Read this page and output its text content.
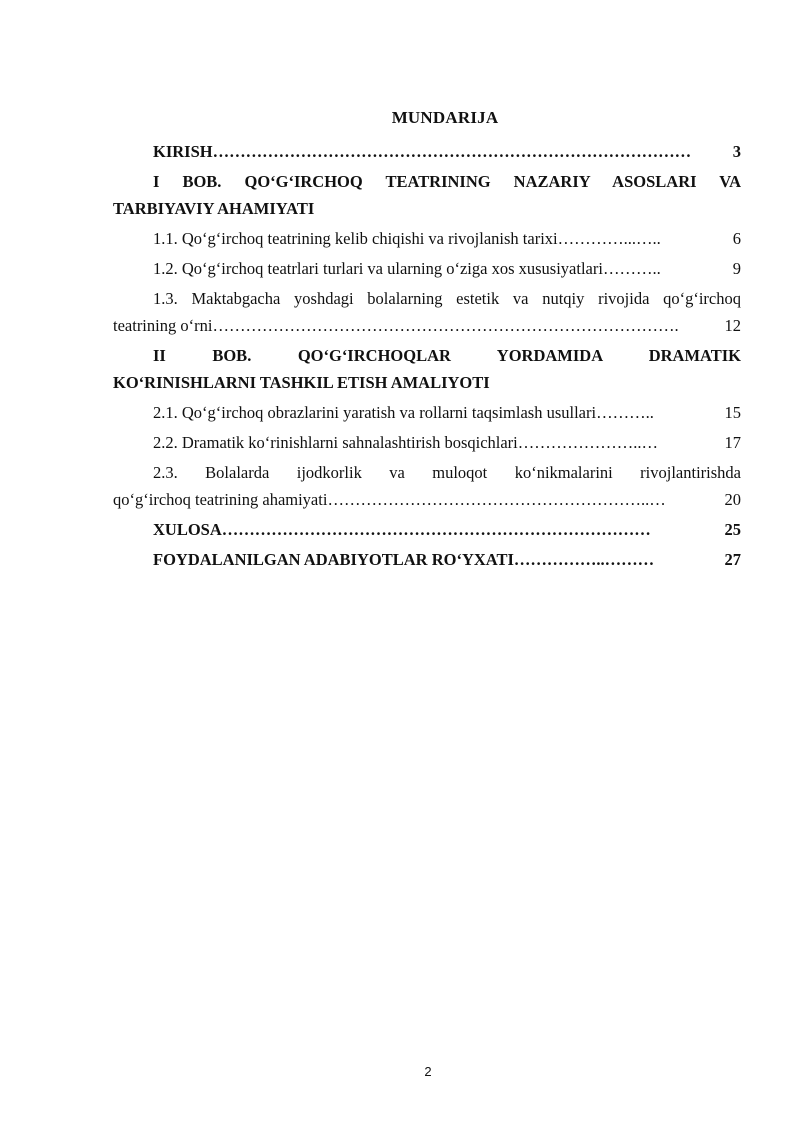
MUNDARIJA
KIRISH ……………………………………………………………………………	3
I BOB. QO‘G‘IRCHOQ TEATRINING NAZARIY ASOSLARI VA
TARBIYAVIY AHAMIYATI
1.1. Qo‘g‘irchoq teatrining kelib chiqishi va rivojlanish tarixi …………...…..	6
1.2. Qo‘g‘irchoq teatrlari turlari va ularning o‘ziga xos xususiyatlari ………..	9
1.3. Maktabgacha yoshdagi bolalarning estetik va nutqiy rivojida qo‘g‘irchoq
teatrining o‘rni ………………………………………………………………………….	12
II BOB. QO‘G‘IRCHOQLAR YORDAMIDA DRAMATIK
KO‘RINISHLARNI TASHKIL ETISH AMALIYOTI
2.1. Qo‘g‘irchoq obrazlarini yaratish va rollarni taqsimlash usullari ………..	15
2.2. Dramatik ko‘rinishlarni sahnalashtirish bosqichlari …………………..…	17
2.3. Bolalarda ijodkorlik va muloqot ko‘nikmalarini rivojlantirishda
qo‘g‘irchoq teatrining ahamiyati …………………………………………………..…	20
XULOSA ……………………………………………………………………	25
FOYDALANILGAN ADABIYOTLAR RO‘YXATI ……………..………	27
2
